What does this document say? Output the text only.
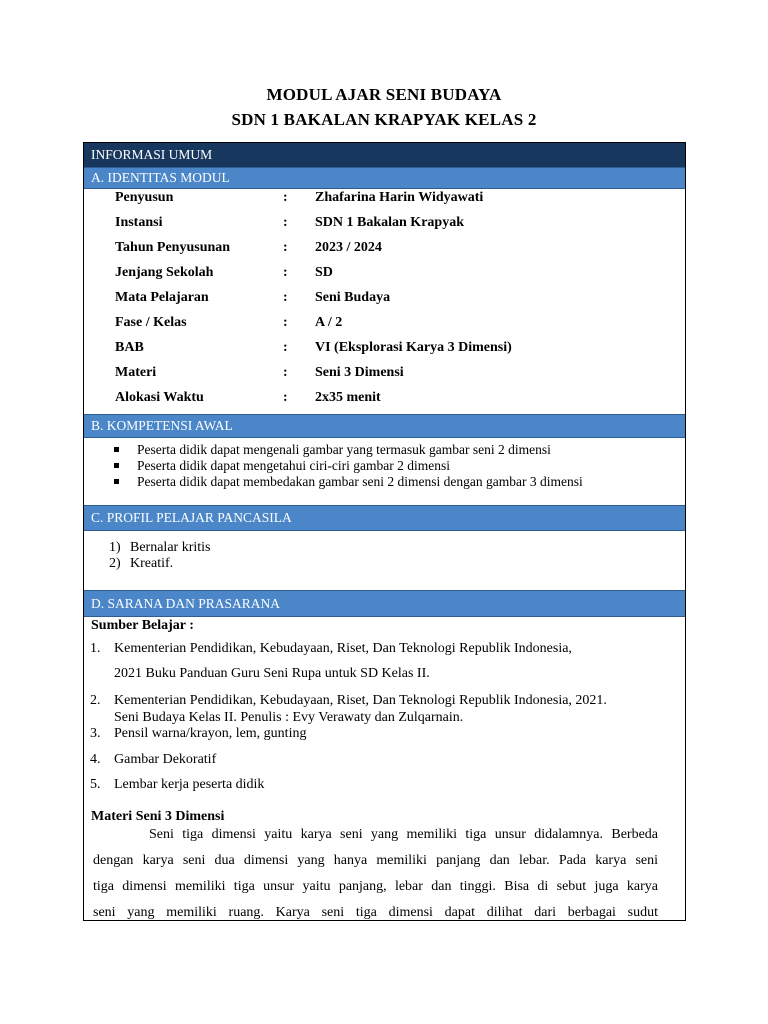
MODUL AJAR SENI BUDAYA
SDN 1 BAKALAN KRAPYAK KELAS 2
INFORMASI UMUM
A. IDENTITAS MODUL
Penyusun	: Zhafarina Harin Widyawati
Instansi	: SDN 1 Bakalan Krapyak
Tahun Penyusunan	: 2023 / 2024
Jenjang Sekolah	: SD
Mata Pelajaran	: Seni Budaya
Fase / Kelas	: A / 2
BAB	: VI (Eksplorasi Karya 3 Dimensi)
Materi	: Seni 3 Dimensi
Alokasi Waktu	: 2x35 menit
B. KOMPETENSI AWAL
Peserta didik dapat mengenali gambar yang termasuk gambar seni 2 dimensi
Peserta didik dapat mengetahui ciri-ciri gambar 2 dimensi
Peserta didik dapat membedakan gambar seni 2 dimensi dengan gambar 3 dimensi
C. PROFIL PELAJAR PANCASILA
1) Bernalar kritis
2) Kreatif.
D. SARANA DAN PRASARANA
Sumber Belajar :
1. Kementerian Pendidikan, Kebudayaan, Riset, Dan Teknologi Republik Indonesia,
2021 Buku Panduan Guru Seni Rupa untuk SD Kelas II.
2. Kementerian Pendidikan, Kebudayaan, Riset, Dan Teknologi Republik Indonesia, 2021.
Seni Budaya Kelas II. Penulis : Evy Verawaty dan Zulqarnain.
3. Pensil warna/krayon, lem, gunting
4. Gambar Dekoratif
5. Lembar kerja peserta didik
Materi Seni 3 Dimensi
Seni tiga dimensi yaitu karya seni yang memiliki tiga unsur didalamnya. Berbeda
dengan karya seni dua dimensi yang hanya memiliki panjang dan lebar. Pada karya seni
tiga dimensi memiliki tiga unsur yaitu panjang, lebar dan tinggi. Bisa di sebut juga karya
seni yang memiliki ruang. Karya seni tiga dimensi dapat dilihat dari berbagai sudut
